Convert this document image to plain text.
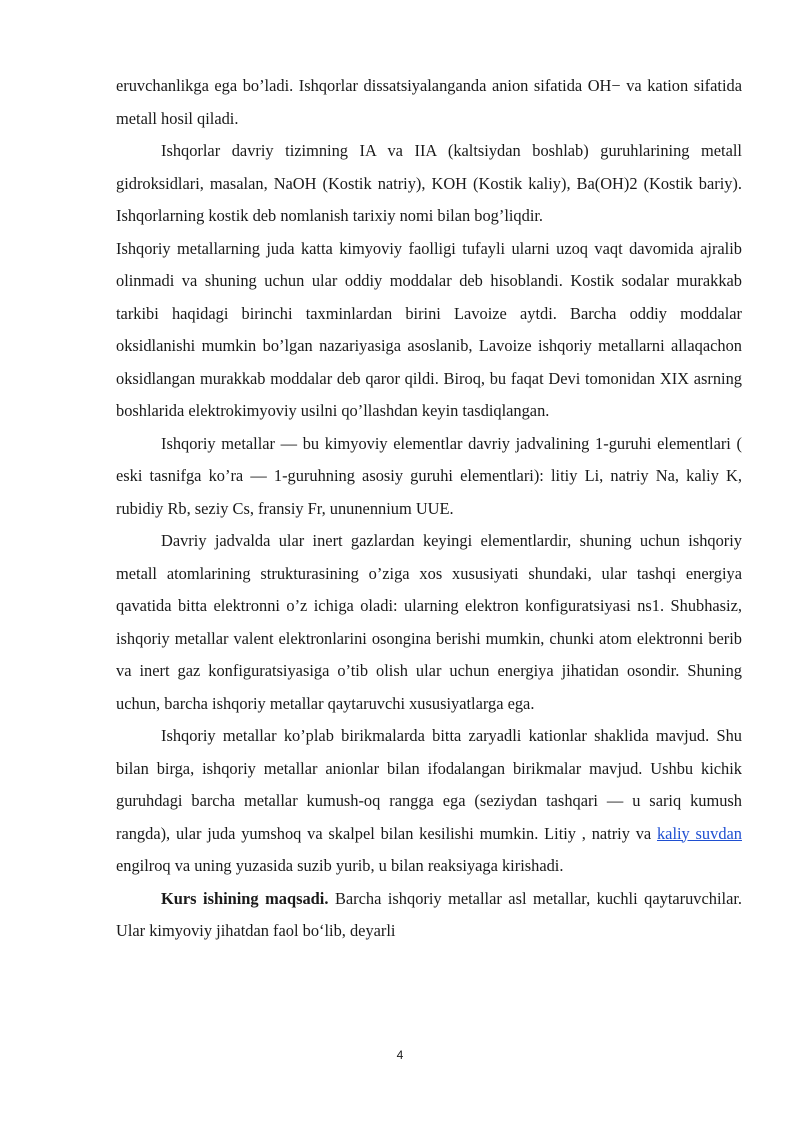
eruvchanlikga ega bo’ladi. Ishqorlar dissatsiyalanganda anion sifatida OH− va kation sifatida metall hosil qiladi.

Ishqorlar davriy tizimning IA va IIA (kaltsiydan boshlab) guruhlarining metall gidroksidlari, masalan, NaOH (Kostik natriy), KOH (Kostik kaliy), Ba(OH)2 (Kostik bariy). Ishqorlarning kostik deb nomlanish tarixiy nomi bilan bog’liqdir.

Ishqoriy metallarning juda katta kimyoviy faolligi tufayli ularni uzoq vaqt davomida ajralib olinmadi va shuning uchun ular oddiy moddalar deb hisoblandi. Kostik sodalar murakkab tarkibi haqidagi birinchi taxminlardan birini Lavoize aytdi. Barcha oddiy moddalar oksidlanishi mumkin bo’lgan nazariyasiga asoslanib, Lavoize ishqoriy metallarni allaqachon oksidlangan murakkab moddalar deb qaror qildi. Biroq, bu faqat Devi tomonidan XIX asrning boshlarida elektrokimyoviy usilni qo’llashdan keyin tasdiqlangan.

Ishqoriy metallar — bu kimyoviy elementlar davriy jadvalining 1-guruhi elementlari ( eski tasnifga ko’ra — 1-guruhning asosiy guruhi elementlari): litiy Li, natriy Na, kaliy K, rubidiy Rb, seziy Cs, fransiy Fr, ununennium UUE.

Davriy jadvalda ular inert gazlardan keyingi elementlardir, shuning uchun ishqoriy metall atomlarining strukturasining o’ziga xos xususiyati shundaki, ular tashqi energiya qavatida bitta elektronni o’z ichiga oladi: ularning elektron konfiguratsiyasi ns1. Shubhasiz, ishqoriy metallar valent elektronlarini osongina berishi mumkin, chunki atom elektronni berib va inert gaz konfiguratsiyasiga o’tib olish ular uchun energiya jihatidan osondir. Shuning uchun, barcha ishqoriy metallar qaytaruvchi xususiyatlarga ega.

Ishqoriy metallar ko’plab birikmalarda bitta zaryadli kationlar shaklida mavjud. Shu bilan birga, ishqoriy metallar anionlar bilan ifodalangan birikmalar mavjud. Ushbu kichik guruhdagi barcha metallar kumush-oq rangga ega (seziydan tashqari — u sariq kumush rangda), ular juda yumshoq va skalpel bilan kesilishi mumkin. Litiy , natriy va kaliy suvdan engilroq va uning yuzasida suzib yurib, u bilan reaksiyaga kirishadi.

Kurs ishining maqsadi. Barcha ishqoriy metallar asl metallar, kuchli qaytaruvchilar. Ular kimyoviy jihatdan faol bo‘lib, deyarli

4
